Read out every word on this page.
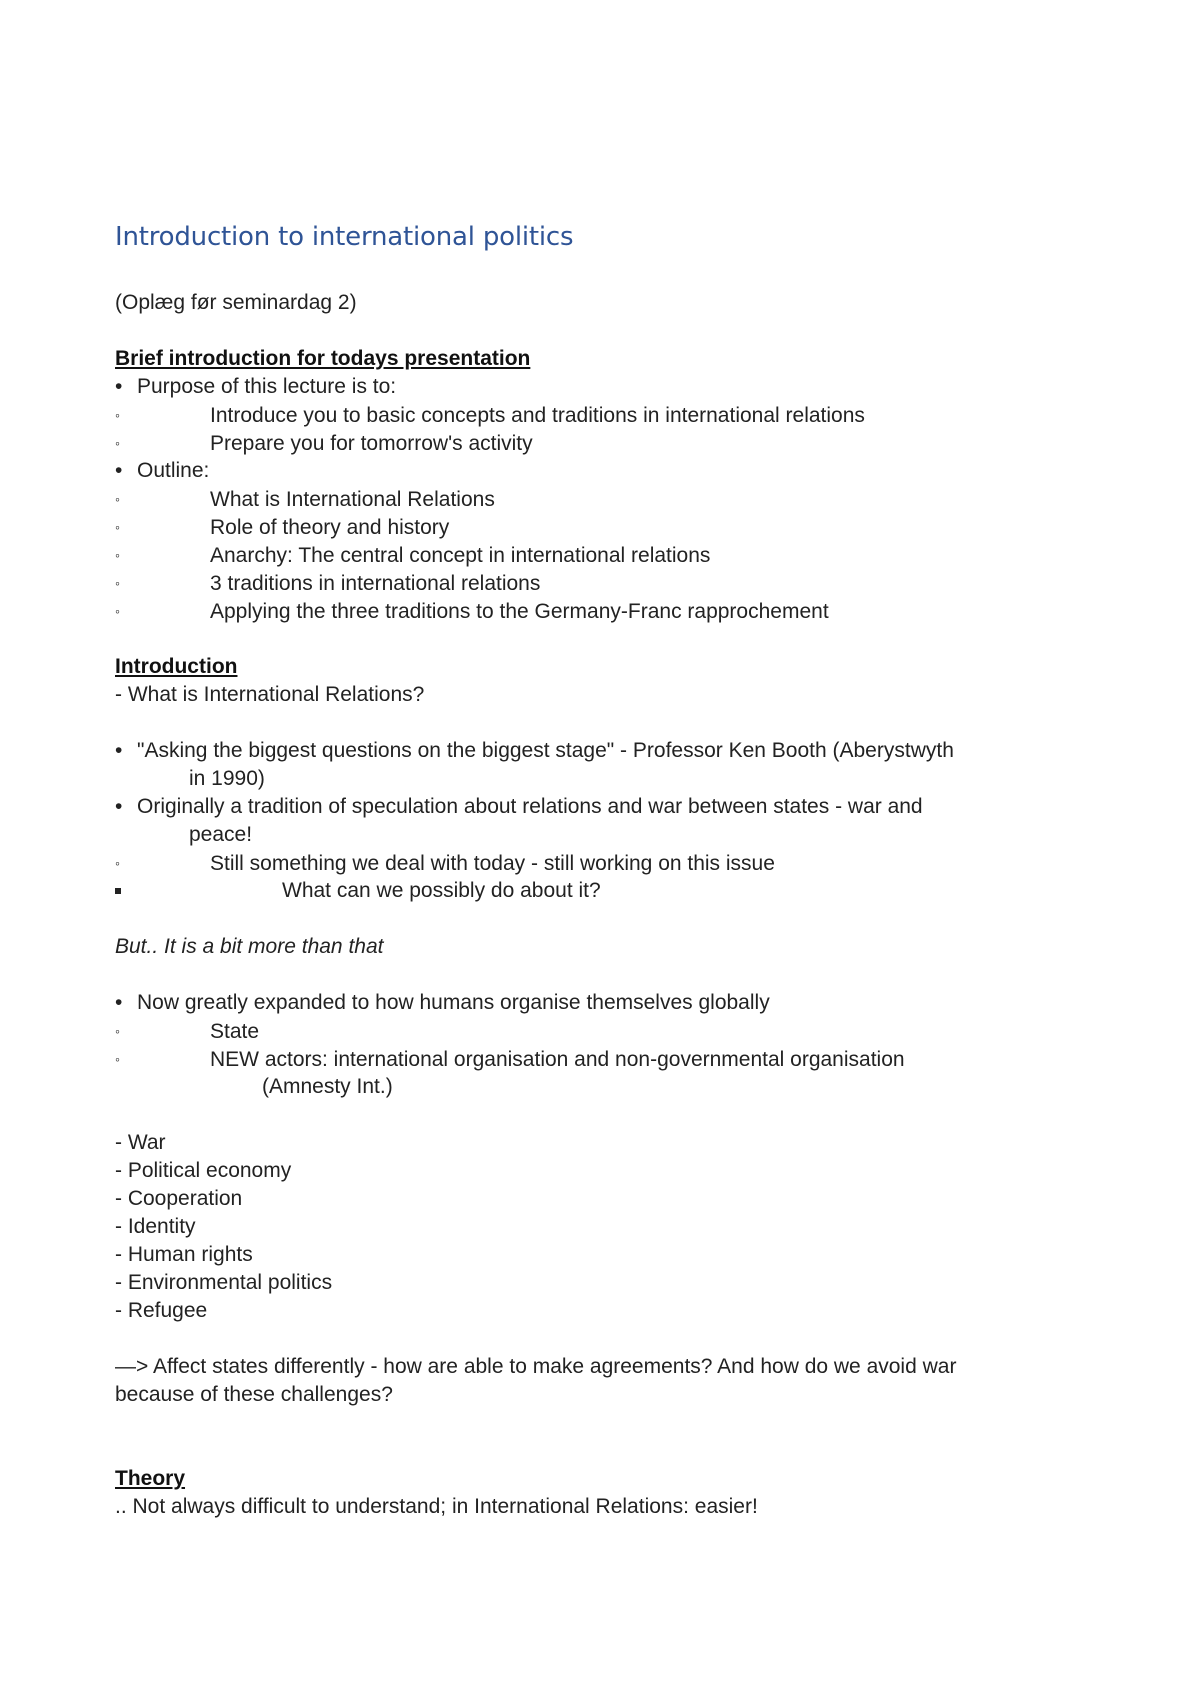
Introduction to international politics
(Oplæg før seminardag 2)
Brief introduction for todays presentation
• Purpose of this lecture is to:
◦	Introduce you to basic concepts and traditions in international relations
◦	Prepare you for tomorrow's activity
• Outline:
◦	What is International Relations
◦	Role of theory and history
◦	Anarchy: The central concept in international relations
◦	3 traditions in international relations
◦	Applying the three traditions to the Germany-Franc rapprochement
Introduction
- What is International Relations?
• "Asking the biggest questions on the biggest stage" - Professor Ken Booth (Aberystwyth
in 1990)
• Originally a tradition of speculation about relations and war between states - war and
peace!
◦	Still something we deal with today - still working on this issue
What can we possibly do about it?
But.. It is a bit more than that
• Now greatly expanded to how humans organise themselves globally
◦	State
◦	NEW actors: international organisation and non-governmental organisation
(Amnesty Int.)
- War
- Political economy
- Cooperation
- Identity
- Human rights
- Environmental politics
- Refugee
—> Affect states differently - how are able to make agreements? And how do we avoid war
because of these challenges?
Theory
.. Not always difficult to understand; in International Relations: easier!
